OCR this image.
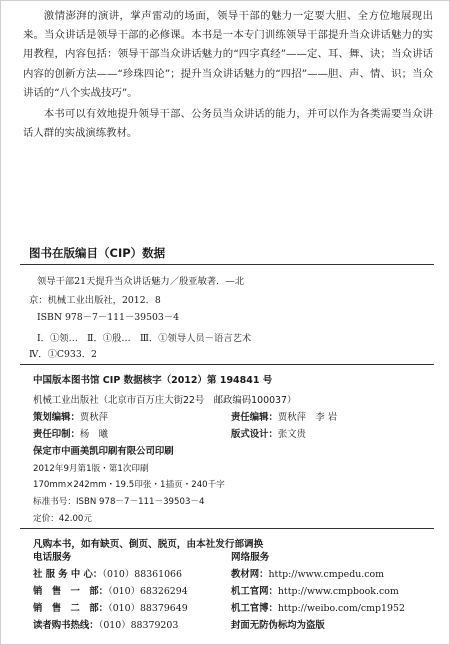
激情澎湃的演讲，掌声雷动的场面，领导干部的魅力一定要大胆、全方位地展现出来。当众讲话是领导干部的必修课。本书是一本专门训练领导干部提升当众讲话魅力的实用教程，内容包括：领导干部当众讲话魅力的“四字真经”——定、耳、舞、诀；当众讲话内容的创新方法——“珍珠四论”；提升当众讲话魅力的“四招”——胆、声、情、识；当众讲话的“八个实战技巧”。

本书可以有效地提升领导干部、公务员当众讲话的能力，并可以作为各类需要当众讲话人群的实战演练教材。

图书在版编目（CIP）数据
领导干部21天提升当众讲话魅力／殷亚敏著．—北
京：机械工业出版社，2012．8
ISBN 978－7－111－39503－4
Ⅰ．①领…　Ⅱ．①殷…　Ⅲ．①领导人员－语言艺术
Ⅳ．①C933．2
中国版本图书馆 CIP 数据核字（2012）第 194841 号
机械工业出版社（北京市百万庄大街22号　邮政编码100037）
策划编辑：贾秋萍	责任编辑：贾秋萍　李 岩
责任印制：杨　曦	版式设计：张文贵
保定市中画美凯印刷有限公司印刷
2012年9月第1版・第1次印刷
170mm×242mm・19.5印张・1插页・240千字
标准书号：ISBN 978－7－111－39503－4
定价：42.00元
凡购本书，如有缺页、倒页、脱页，由本社发行部调换
电话服务	网络服务
社 服 务 中 心：（010）88361066	教材网：http://www.cmpedu.com
销　售　一　部：（010）68326294	机工官网：http://www.cmpbook.com
销　售　二　部：（010）88379649	机工官博：http://weibo.com/cmp1952
读者购书热线：（010）88379203	封面无防伪标均为盗版
